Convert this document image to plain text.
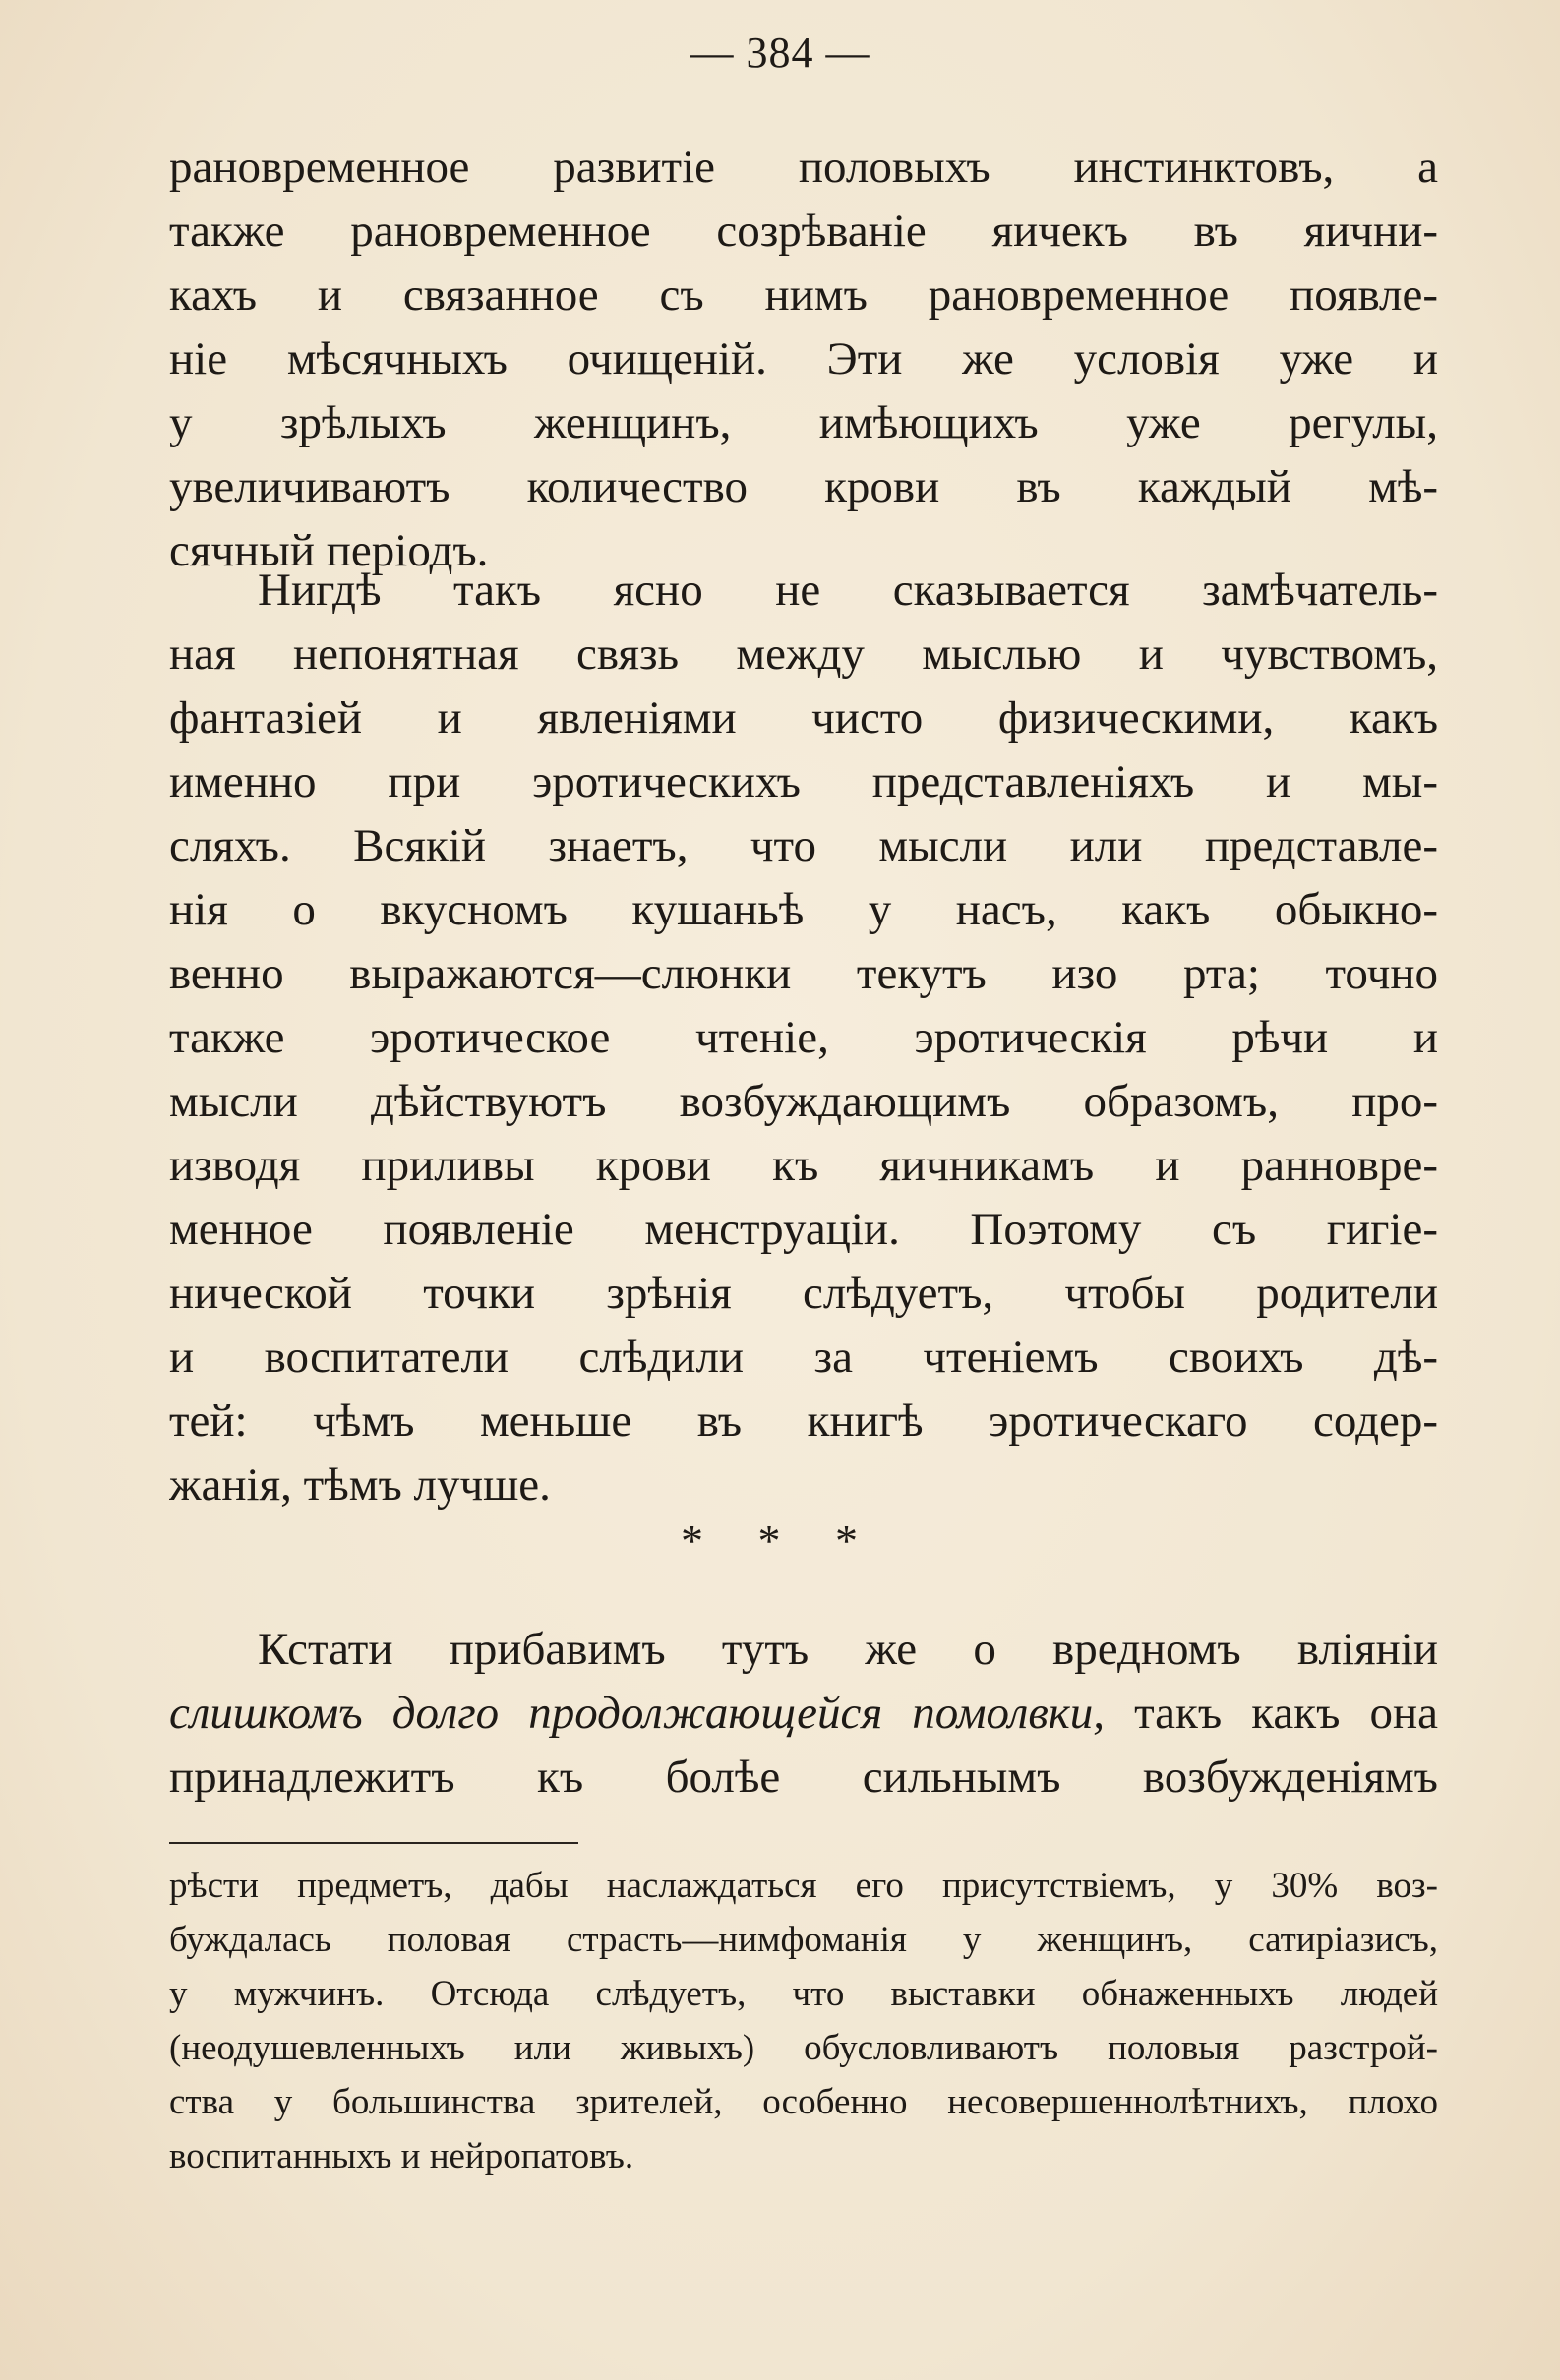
— 384 —
рановременное развитіе половыхъ инстинктовъ, а
также рановременное созрѣваніе яичекъ въ яични-
кахъ и связанное съ нимъ рановременное появле-
ніе мѣсячныхъ очищеній. Эти же условія уже и
у зрѣлыхъ женщинъ, имѣющихъ уже регулы,
увеличиваютъ количество крови въ каждый мѣ-
сячный періодъ.
Нигдѣ такъ ясно не сказывается замѣчатель-
ная непонятная связь между мыслью и чувствомъ,
фантазіей и явленіями чисто физическими, какъ
именно при эротическихъ представленіяхъ и мы-
сляхъ. Всякій знаетъ, что мысли или представле-
нія о вкусномъ кушаньѣ у насъ, какъ обыкно-
венно выражаются—слюнки текутъ изо рта; точно
также эротическое чтеніе, эротическія рѣчи и
мысли дѣйствуютъ возбуждающимъ образомъ, про-
изводя приливы крови къ яичникамъ и ранновре-
менное появленіе менструаціи. Поэтому съ гигіе-
нической точки зрѣнія слѣдуетъ, чтобы родители
и воспитатели слѣдили за чтеніемъ своихъ дѣ-
тей: чѣмъ меньше въ книгѣ эротическаго содер-
жанія, тѣмъ лучше.
* * *
Кстати прибавимъ тутъ же о вредномъ вліяніи
слишкомъ долго продолжающейся помолвки, такъ какъ она
принадлежитъ къ болѣе сильнымъ возбужденіямъ
рѣсти предметъ, дабы наслаждаться его присутствіемъ, у 30% воз-
буждалась половая страсть—нимфоманія у женщинъ, сатиріазисъ,
у мужчинъ. Отсюда слѣдуетъ, что выставки обнаженныхъ людей
(неодушевленныхъ или живыхъ) обусловливаютъ половыя разстрой-
ства у большинства зрителей, особенно несовершеннолѣтнихъ, плохо
воспитанныхъ и нейропатовъ.
